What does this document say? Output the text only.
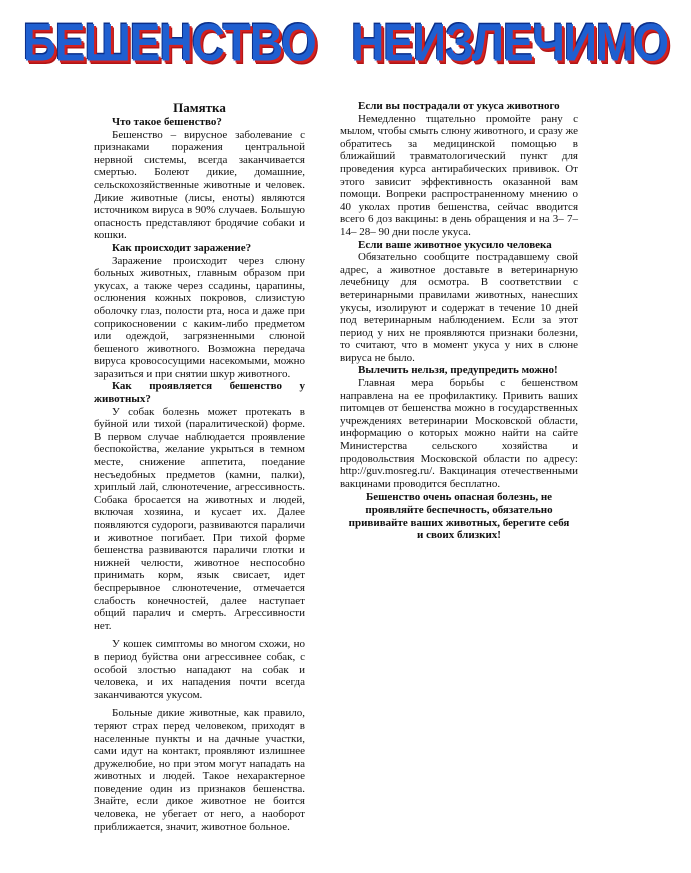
БЕШЕНСТВО   НЕИЗЛЕЧИМО
Памятка
Что такое бешенство?
Бешенство – вирусное заболевание с признаками поражения центральной нервной системы, всегда заканчивается смертью. Болеют дикие, домашние, сельскохозяйственные животные и человек. Дикие животные (лисы, еноты) являются источником вируса в 90% случаев. Большую опасность представляют бродячие собаки и кошки.
Как происходит заражение?
Заражение происходит через слюну больных животных, главным образом при укусах, а также через ссадины, царапины, ослюнения кожных покровов, слизистую оболочку глаз, полости рта, носа и даже при соприкосновении с каким-либо предметом или одеждой, загрязненными слюной бешеного животного. Возможна передача вируса кровососущими насекомыми, можно заразиться и при снятии шкур животного.
Как проявляется бешенство у животных?
У собак болезнь может протекать в буйной или тихой (паралитической) форме. В первом случае наблюдается проявление беспокойства, желание укрыться в темном месте, снижение аппетита, поедание несъедобных предметов (камни, палки), хриплый лай, слюнотечение, агрессивность. Собака бросается на животных и людей, включая хозяина, и кусает их. Далее появляются судороги, развиваются параличи и животное погибает. При тихой форме бешенства развиваются параличи глотки и нижней челюсти, животное неспособно принимать корм, язык свисает, идет беспрерывное слюнотечение, отмечается слабость конечностей, далее наступает общий паралич и смерть. Агрессивности нет.
У кошек симптомы во многом схожи, но в период буйства они агрессивнее собак, с особой злостью нападают на собак и человека, и их нападения почти всегда заканчиваются укусом.
Больные дикие животные, как правило, теряют страх перед человеком, приходят в населенные пункты и на дачные участки, сами идут на контакт, проявляют излишнее дружелюбие, но при этом могут нападать на животных и людей. Такое нехарактерное поведение один из признаков бешенства. Знайте, если дикое животное не боится человека, не убегает от него, а наоборот приближается, значит, животное больное.
Если вы пострадали от укуса животного
Немедленно тщательно промойте рану с мылом, чтобы смыть слюну животного, и сразу же обратитесь за медицинской помощью в ближайший травматологический пункт для проведения курса антирабических прививок. От этого зависит эффективность оказанной вам помощи. Вопреки распространенному мнению о 40 уколах против бешенства, сейчас вводится всего 6 доз вакцины: в день обращения и на 3– 7– 14– 28– 90 дни после укуса.
Если ваше животное укусило человека
Обязательно сообщите пострадавшему свой адрес, а животное доставьте в ветеринарную лечебницу для осмотра. В соответствии с ветеринарными правилами животных, нанесших укусы, изолируют и содержат в течение 10 дней под ветеринарным наблюдением. Если за этот период у них не проявляются признаки болезни, то считают, что в момент укуса у них в слюне вируса не было.
Вылечить нельзя, предупредить можно!
Главная мера борьбы с бешенством направлена на ее профилактику. Привить ваших питомцев от бешенства можно в государственных учреждениях ветеринарии Московской области, информацию о которых можно найти на сайте Министерства сельского хозяйства и продовольствия Московской области по адресу: http://guv.mosreg.ru/. Вакцинация отечественными вакцинами проводится бесплатно.
Бешенство очень опасная болезнь, не проявляйте беспечность, обязательно прививайте ваших животных, берегите себя и своих близких!
